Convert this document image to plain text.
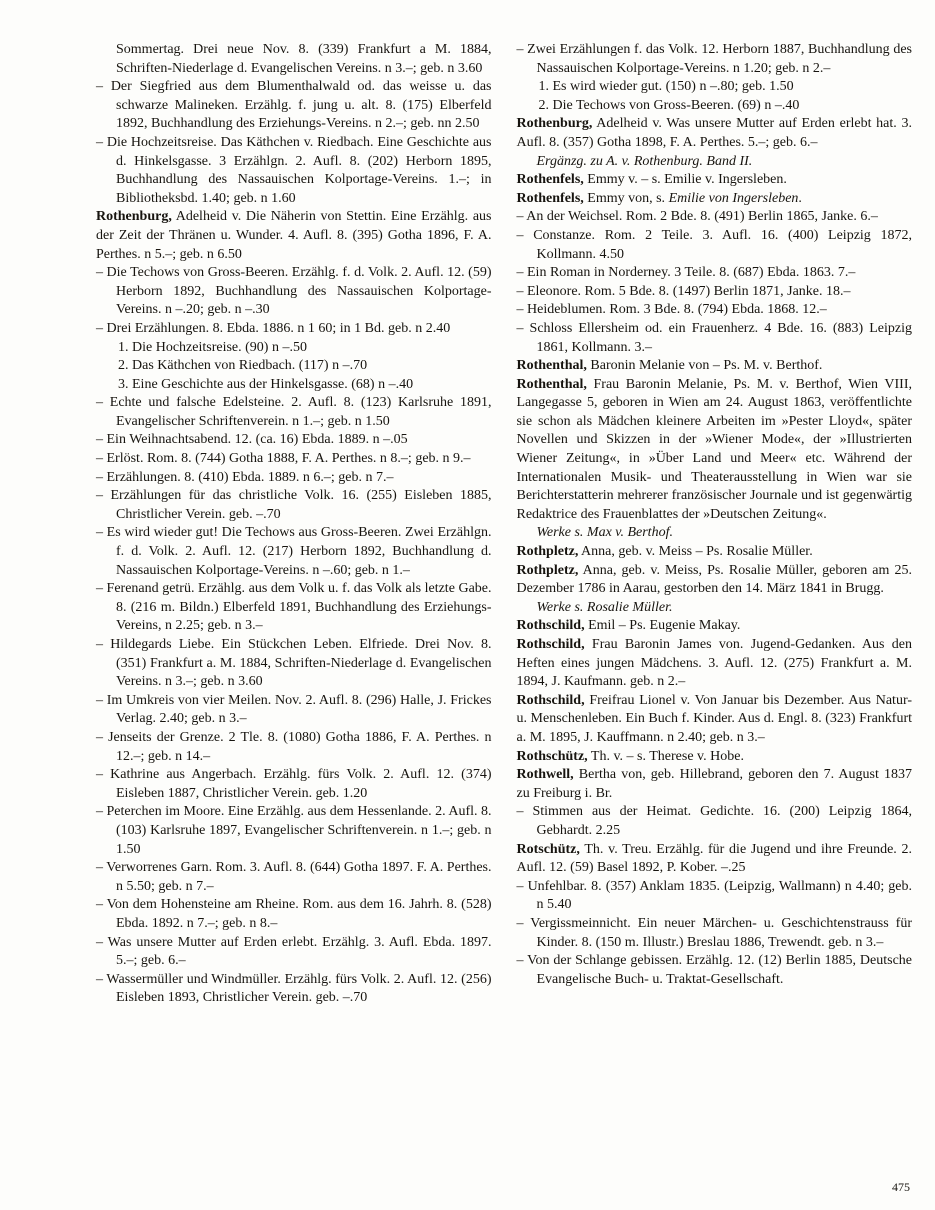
Sommertag. Drei neue Nov. 8. (339) Frankfurt a M. 1884, Schriften-Niederlage d. Evangelischen Vereins. n 3.–; geb. n 3.60

– Der Siegfried aus dem Blumenthalwald od. das weisse u. das schwarze Malineken. Erzählg. f. jung u. alt. 8. (175) Elberfeld 1892, Buchhandlung des Erziehungs-Vereins. n 2.–; geb. nn 2.50

– Die Hochzeitsreise. Das Käthchen v. Riedbach. Eine Geschichte aus d. Hinkelsgasse. 3 Erzählgn. 2. Aufl. 8. (202) Herborn 1895, Buchhandlung des Nassauischen Kolportage-Vereins. 1.–; in Bibliotheksbd. 1.40; geb. n 1.60

Rothenburg, Adelheid v. Die Näherin von Stettin. Eine Erzählg. aus der Zeit der Thränen u. Wunder. 4. Aufl. 8. (395) Gotha 1896, F. A. Perthes. n 5.–; geb. n 6.50

– Die Techows von Gross-Beeren. Erzählg. f. d. Volk. 2. Aufl. 12. (59) Herborn 1892, Buchhandlung des Nassauischen Kolportage-Vereins. n –.20; geb. n –.30

– Drei Erzählungen. 8. Ebda. 1886. n 1 60; in 1 Bd. geb. n 2.40

1. Die Hochzeitsreise. (90) n –.50

2. Das Käthchen von Riedbach. (117) n –.70

3. Eine Geschichte aus der Hinkelsgasse. (68) n –.40

– Echte und falsche Edelsteine. 2. Aufl. 8. (123) Karlsruhe 1891, Evangelischer Schriftenverein. n 1.–; geb. n 1.50

– Ein Weihnachtsabend. 12. (ca. 16) Ebda. 1889. n –.05

– Erlöst. Rom. 8. (744) Gotha 1888, F. A. Perthes. n 8.–; geb. n 9.–

– Erzählungen. 8. (410) Ebda. 1889. n 6.–; geb. n 7.–

– Erzählungen für das christliche Volk. 16. (255) Eisleben 1885, Christlicher Verein. geb. –.70

– Es wird wieder gut! Die Techows aus Gross-Beeren. Zwei Erzählgn. f. d. Volk. 2. Aufl. 12. (217) Herborn 1892, Buchhandlung d. Nassauischen Kolportage-Vereins. n –.60; geb. n 1.–

– Ferenand getrü. Erzählg. aus dem Volk u. f. das Volk als letzte Gabe. 8. (216 m. Bildn.) Elberfeld 1891, Buchhandlung des Erziehungs-Vereins, n 2.25; geb. n 3.–

– Hildegards Liebe. Ein Stückchen Leben. Elfriede. Drei Nov. 8. (351) Frankfurt a. M. 1884, Schriften-Niederlage d. Evangelischen Vereins. n 3.–; geb. n 3.60

– Im Umkreis von vier Meilen. Nov. 2. Aufl. 8. (296) Halle, J. Frickes Verlag. 2.40; geb. n 3.–

– Jenseits der Grenze. 2 Tle. 8. (1080) Gotha 1886, F. A. Perthes. n 12.–; geb. n 14.–

– Kathrine aus Angerbach. Erzählg. fürs Volk. 2. Aufl. 12. (374) Eisleben 1887, Christlicher Verein. geb. 1.20

– Peterchen im Moore. Eine Erzählg. aus dem Hessenlande. 2. Aufl. 8. (103) Karlsruhe 1897, Evangelischer Schriftenverein. n 1.–; geb. n 1.50

– Verworrenes Garn. Rom. 3. Aufl. 8. (644) Gotha 1897. F. A. Perthes. n 5.50; geb. n 7.–

– Von dem Hohensteine am Rheine. Rom. aus dem 16. Jahrh. 8. (528) Ebda. 1892. n 7.–; geb. n 8.–

– Was unsere Mutter auf Erden erlebt. Erzählg. 3. Aufl. Ebda. 1897. 5.–; geb. 6.–

– Wassermüller und Windmüller. Erzählg. fürs Volk. 2. Aufl. 12. (256) Eisleben 1893, Christlicher Verein. geb. –.70

– Zwei Erzählungen f. das Volk. 12. Herborn 1887, Buchhandlung des Nassauischen Kolportage-Vereins. n 1.20; geb. n 2.–

1. Es wird wieder gut. (150) n –.80; geb. 1.50

2. Die Techows von Gross-Beeren. (69) n –.40

Rothenburg, Adelheid v. Was unsere Mutter auf Erden erlebt hat. 3. Aufl. 8. (357) Gotha 1898, F. A. Perthes. 5.–; geb. 6.–

Ergänzg. zu A. v. Rothenburg. Band II.

Rothenfels, Emmy v. – s. Emilie v. Ingersleben.

Rothenfels, Emmy von, s. Emilie von Ingersleben.

– An der Weichsel. Rom. 2 Bde. 8. (491) Berlin 1865, Janke. 6.–

– Constanze. Rom. 2 Teile. 3. Aufl. 16. (400) Leipzig 1872, Kollmann. 4.50

– Ein Roman in Norderney. 3 Teile. 8. (687) Ebda. 1863. 7.–

– Eleonore. Rom. 5 Bde. 8. (1497) Berlin 1871, Janke. 18.–

– Heideblumen. Rom. 3 Bde. 8. (794) Ebda. 1868. 12.–

– Schloss Ellersheim od. ein Frauenherz. 4 Bde. 16. (883) Leipzig 1861, Kollmann. 3.–

Rothenthal, Baronin Melanie von – Ps. M. v. Berthof.

Rothenthal, Frau Baronin Melanie, Ps. M. v. Berthof, Wien VIII, Langegasse 5, geboren in Wien am 24. August 1863, veröffentlichte sie schon als Mädchen kleinere Arbeiten im »Pester Lloyd«, später Novellen und Skizzen in der »Wiener Mode«, der »Illustrierten Wiener Zeitung«, in »Über Land und Meer« etc. Während der Internationalen Musik- und Theaterausstellung in Wien war sie Berichterstatterin mehrerer französischer Journale und ist gegenwärtig Redaktrice des Frauenblattes der »Deutschen Zeitung«.

Werke s. Max v. Berthof.

Rothpletz, Anna, geb. v. Meiss – Ps. Rosalie Müller.

Rothpletz, Anna, geb. v. Meiss, Ps. Rosalie Müller, geboren am 25. Dezember 1786 in Aarau, gestorben den 14. März 1841 in Brugg.

Werke s. Rosalie Müller.

Rothschild, Emil – Ps. Eugenie Makay.

Rothschild, Frau Baronin James von. Jugend-Gedanken. Aus den Heften eines jungen Mädchens. 3. Aufl. 12. (275) Frankfurt a. M. 1894, J. Kaufmann. geb. n 2.–

Rothschild, Freifrau Lionel v. Von Januar bis Dezember. Aus Natur- u. Menschenleben. Ein Buch f. Kinder. Aus d. Engl. 8. (323) Frankfurt a. M. 1895, J. Kauffmann. n 2.40; geb. n 3.–

Rothschütz, Th. v. – s. Therese v. Hobe.

Rothwell, Bertha von, geb. Hillebrand, geboren den 7. August 1837 zu Freiburg i. Br.

– Stimmen aus der Heimat. Gedichte. 16. (200) Leipzig 1864, Gebhardt. 2.25

Rotschütz, Th. v. Treu. Erzählg. für die Jugend und ihre Freunde. 2. Aufl. 12. (59) Basel 1892, P. Kober. –.25

– Unfehlbar. 8. (357) Anklam 1835. (Leipzig, Wallmann) n 4.40; geb. n 5.40

– Vergissmeinnicht. Ein neuer Märchen- u. Geschichtenstrauss für Kinder. 8. (150 m. Illustr.) Breslau 1886, Trewendt. geb. n 3.–

– Von der Schlange gebissen. Erzählg. 12. (12) Berlin 1885, Deutsche Evangelische Buch- u. Traktat-Gesellschaft.

475
